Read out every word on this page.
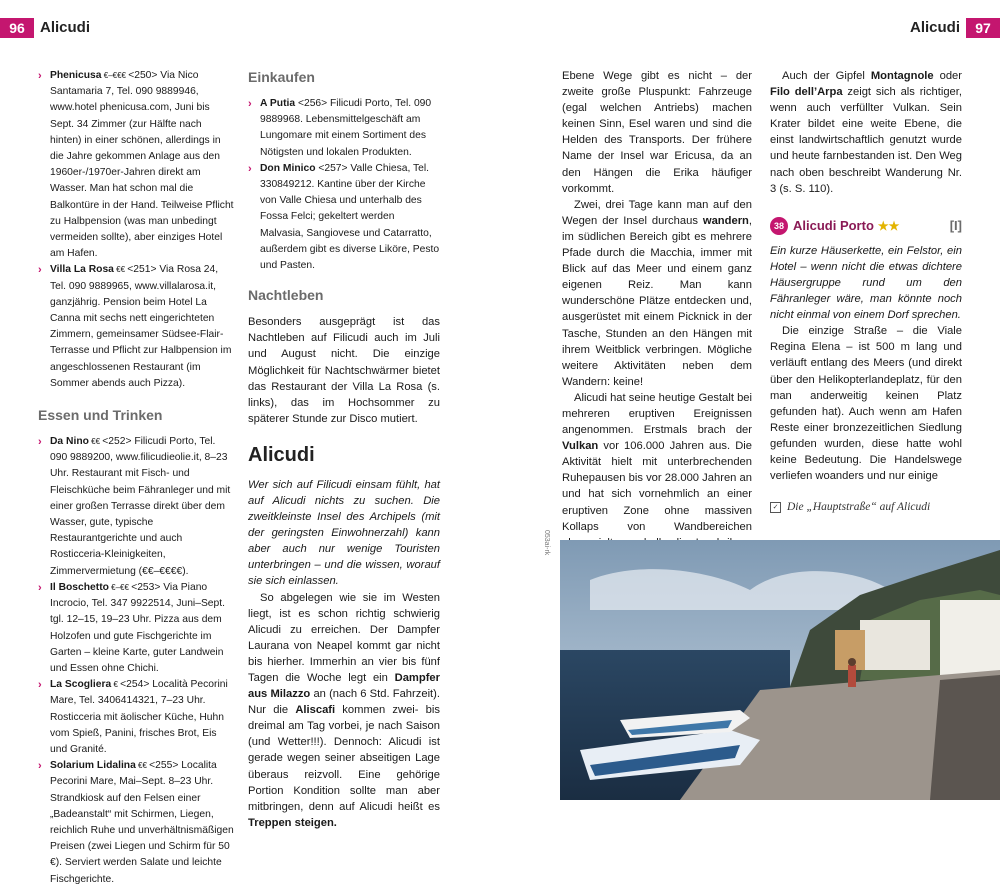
96	Alicudi	Alicudi	97

› Phenicusa €–€€€ <250> Via Nico Santamaria 7, Tel. 090 9889946, www.hotel phenicusa.com, Juni bis Sept. 34 Zimmer (zur Hälfte nach hinten) in einer schönen, allerdings in die Jahre gekommen Anlage aus den 1960er-/1970er-Jahren direkt am Wasser. Man hat schon mal die Balkontüre in der Hand. Teilweise Pflicht zu Halbpension (was man unbedingt vermeiden sollte), aber einziges Hotel am Hafen.

› Villa La Rosa €€ <251> Via Rosa 24, Tel. 090 9889965, www.villalarosa.it, ganzjährig. Pension beim Hotel La Canna mit sechs nett eingerichteten Zimmern, gemeinsamer Südsee-Flair-Terrasse und Pflicht zur Halbpension im angeschlossenen Restaurant (im Sommer abends auch Pizza).

Essen und Trinken

› Da Nino €€ <252> Filicudi Porto, Tel. 090 9889200, www.filicudieolie.it, 8–23 Uhr. Restaurant mit Fisch- und Fleischküche beim Fähranleger und mit einer großen Terrasse direkt über dem Wasser, gute, typische Restaurantgerichte und auch Rosticceria-Kleinigkeiten, Zimmervermietung (€€–€€€€).

› Il Boschetto €–€€ <253> Via Piano Incrocio, Tel. 347 9922514, Juni–Sept. tgl. 12–15, 19–23 Uhr. Pizza aus dem Holzofen und gute Fischgerichte im Garten – kleine Karte, guter Landwein und Essen ohne Chichi.

› La Scogliera € <254> Località Pecorini Mare, Tel. 3406414321, 7–23 Uhr. Rosticceria mit äolischer Küche, Huhn vom Spieß, Panini, frisches Brot, Eis und Granité.

› Solarium Lidalina €€ <255> Localita Pecorini Mare, Mai–Sept. 8–23 Uhr. Strandkiosk auf den Felsen einer „Badeanstalt“ mit Schirmen, Liegen, reichlich Ruhe und unverhältnismäßigen Preisen (zwei Liegen und Schirm für 50 €). Serviert werden Salate und leichte Fischgerichte.

Einkaufen

› A Putia <256> Filicudi Porto, Tel. 090 9889968. Lebensmittelgeschäft am Lungomare mit einem Sortiment des Nötigsten und lokalen Produkten.

› Don Minico <257> Valle Chiesa, Tel. 330849212. Kantine über der Kirche von Valle Chiesa und unterhalb des Fossa Felci; gekeltert werden Malvasia, Sangiovese und Catarratto, außerdem gibt es diverse Liköre, Pesto und Pasten.

Nachtleben

Besonders ausgeprägt ist das Nachtleben auf Filicudi auch im Juli und August nicht. Die einzige Möglichkeit für Nachtschwärmer bietet das Restaurant der Villa La Rosa (s. links), das im Hochsommer zu späterer Stunde zur Disco mutiert.

Alicudi

Wer sich auf Filicudi einsam fühlt, hat auf Alicudi nichts zu suchen. Die zweitkleinste Insel des Archipels (mit der geringsten Einwohnerzahl) kann aber auch nur wenige Touristen unterbringen – und die wissen, worauf sie sich einlassen.

So abgelegen wie sie im Westen liegt, ist es schon richtig schwierig Alicudi zu erreichen. Der Dampfer Laurana von Neapel kommt gar nicht bis hierher. Immerhin an vier bis fünf Tagen die Woche legt ein Dampfer aus Milazzo an (nach 6 Std. Fahrzeit). Nur die Aliscafi kommen zwei- bis dreimal am Tag vorbei, je nach Saison (und Wetter!!!). Dennoch: Alicudi ist gerade wegen seiner abseitigen Lage überaus reizvoll. Eine gehörige Portion Kondition sollte man aber mitbringen, denn auf Alicudi heißt es Treppen steigen.

Ebene Wege gibt es nicht – der zweite große Pluspunkt: Fahrzeuge (egal welchen Antriebs) machen keinen Sinn, Esel waren und sind die Helden des Transports. Der frühere Name der Insel war Ericusa, da an den Hängen die Erika häufiger vorkommt.

Zwei, drei Tage kann man auf den Wegen der Insel durchaus wandern, im südlichen Bereich gibt es mehrere Pfade durch die Macchia, immer mit Blick auf das Meer und einem ganz eigenen Reiz. Man kann wunderschöne Plätze entdecken und, ausgerüstet mit einem Picknick in der Tasche, Stunden an den Hängen mit ihrem Weitblick verbringen. Mögliche weitere Aktivitäten neben dem Wandern: keine!

Alicudi hat seine heutige Gestalt bei mehreren eruptiven Ereignissen angenommen. Erstmals brach der Vulkan vor 106.000 Jahren aus. Die Aktivität hielt mit unterbrechenden Ruhepausen bis vor 28.000 Jahren an und hat sich vornehmlich an einer eruptiven Zone ohne massiven Kollaps von Wandbereichen

Auch der Gipfel Montagnole oder Filo dell’Arpa zeigt sich als richtiger, wenn auch verfüllter Vulkan. Sein Krater bildet eine weite Ebene, die einst landwirtschaftlich genutzt wurde und heute farnbestanden ist. Den Weg nach oben beschreibt Wanderung Nr. 3 (s. S. 110).

38 Alicudi Porto ★★	[I]

Ein kurze Häuserkette, ein Felstor, ein Hotel – wenn nicht die etwas dichtere Häusergruppe rund um den Fähranleger wäre, man könnte noch nicht einmal von einem Dorf sprechen.

Die einzige Straße – die Viale Regina Elena – ist 500 m lang und verläuft entlang des Meers (und direkt über den Helikopterlandeplatz, für den man anderweitig keinen Platz gefunden hat). Auch wenn am Hafen Reste einer bronzezeitlichen Siedlung gefunden wurden, diese hatte wohl keine Bedeutung. Die Handelswege verliefen woanders und nur einige

✓ Die „Hauptstraße“ auf Alicudi
053ai-rk
